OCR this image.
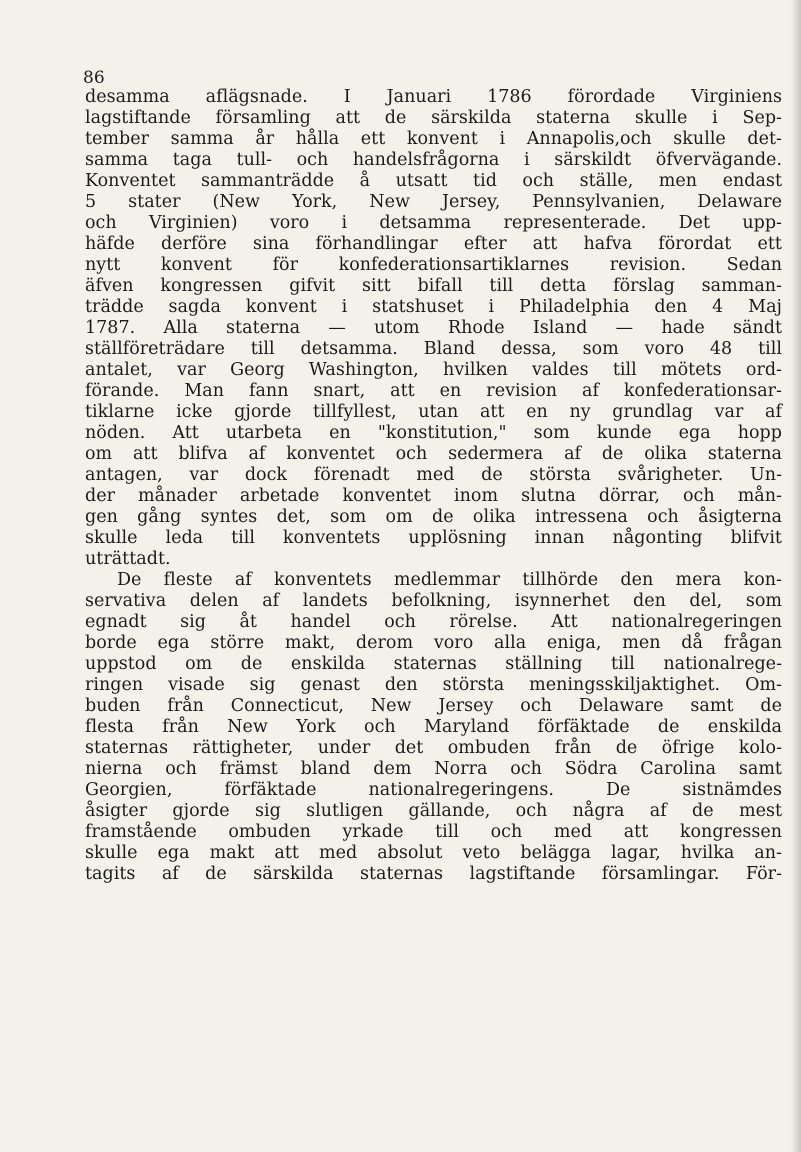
86
desamma aflägsnade. I Januari 1786 förordade Virginiens
lagstiftande församling att de särskilda staterna skulle i Sep-
tember samma år hålla ett konvent i Annapolis,och skulle det-
samma taga tull- och handelsfrågorna i särskildt öfvervägande.
Konventet sammanträdde å utsatt tid och ställe, men endast
5 stater (New York, New Jersey, Pennsylvanien, Delaware
och Virginien) voro i detsamma representerade. Det upp-
häfde derföre sina förhandlingar efter att hafva förordat ett
nytt konvent för konfederationsartiklarnes revision. Sedan
äfven kongressen gifvit sitt bifall till detta förslag samman-
trädde sagda konvent i statshuset i Philadelphia den 4 Maj
1787. Alla staterna — utom Rhode Island — hade sändt
ställföreträdare till detsamma. Bland dessa, som voro 48 till
antalet, var Georg Washington, hvilken valdes till mötets ord-
förande. Man fann snart, att en revision af konfederationsar-
tiklarne icke gjorde tillfyllest, utan att en ny grundlag var af
nöden. Att utarbeta en "konstitution," som kunde ega hopp
om att blifva af konventet och sedermera af de olika staterna
antagen, var dock förenadt med de största svårigheter. Un-
der månader arbetade konventet inom slutna dörrar, och mån-
gen gång syntes det, som om de olika intressena och åsigterna
skulle leda till konventets upplösning innan någonting blifvit
uträttadt.
De fleste af konventets medlemmar tillhörde den mera kon-
servativa delen af landets befolkning, isynnerhet den del, som
egnadt sig åt handel och rörelse. Att nationalregeringen
borde ega större makt, derom voro alla eniga, men då frågan
uppstod om de enskilda staternas ställning till nationalrege-
ringen visade sig genast den största meningsskiljaktighet. Om-
buden från Connecticut, New Jersey och Delaware samt de
flesta från New York och Maryland förfäktade de enskilda
staternas rättigheter, under det ombuden från de öfrige kolo-
nierna och främst bland dem Norra och Södra Carolina samt
Georgien, förfäktade nationalregeringens. De sistnämdes
åsigter gjorde sig slutligen gällande, och några af de mest
framstående ombuden yrkade till och med att kongressen
skulle ega makt att med absolut veto belägga lagar, hvilka an-
tagits af de särskilda staternas lagstiftande församlingar. För-
